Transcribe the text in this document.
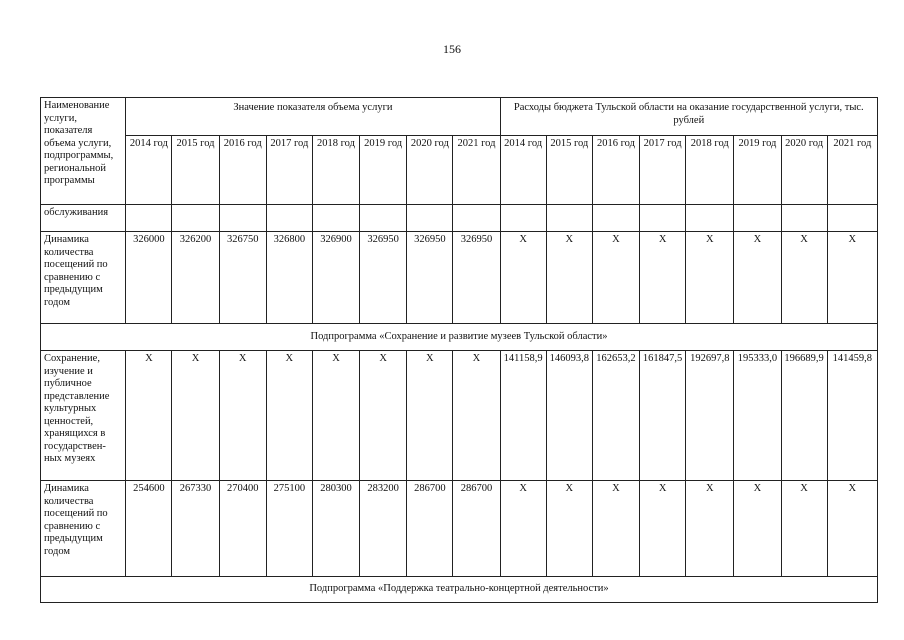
156
Наименование услуги, показателя объема услуги, подпрограммы, региональной программы	Значение показателя объема услуги								Расходы бюджета Тульской области на оказание государственной услуги, тыс. рублей							
	2014 год	2015 год	2016 год	2017 год	2018 год	2019 год	2020 год	2021 год	2014 год	2015 год	2016 год	2017 год	2018 год	2019 год	2020 год	2021 год
обслуживания																
Динамика количества посещений по сравнению с предыдущим годом	326000	326200	326750	326800	326900	326950	326950	326950	X	X	X	X	X	X	X	X
Подпрограмма «Сохранение и развитие музеев Тульской области»																
Сохранение, изучение и публичное представление культурных ценностей, хранящихся в государствен-ных музеях	X	X	X	X	X	X	X	X	141158,9	146093,8	162653,2	161847,5	192697,8	195333,0	196689,9	141459,8
Динамика количества посещений по сравнению с предыдущим годом	254600	267330	270400	275100	280300	283200	286700	286700	X	X	X	X	X	X	X	X
Подпрограмма «Поддержка театрально-концертной деятельности»																
